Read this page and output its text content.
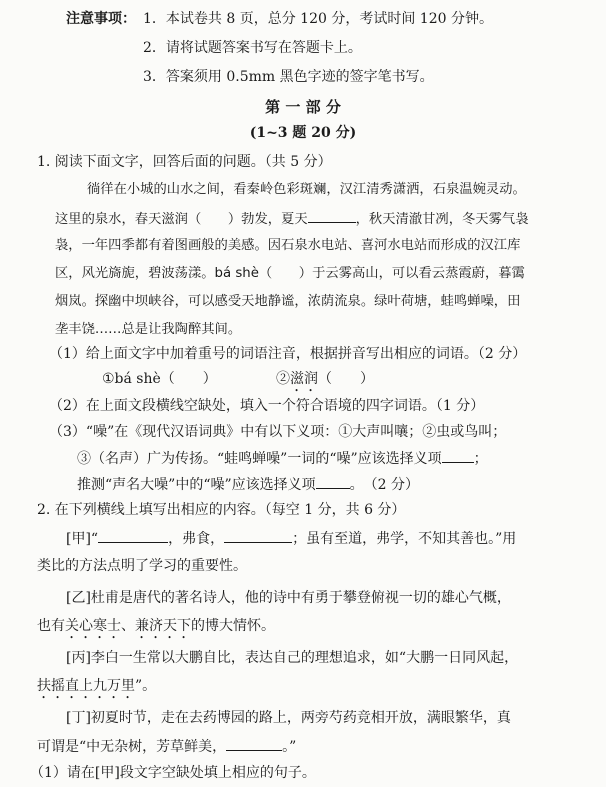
注意事项： 1．本试卷共 8 页，总分 120 分，考试时间 120 分钟。
2．请将试题答案书写在答题卡上。
3．答案须用 0.5mm 黑色字迹的签字笔书写。
第 一 部 分
(1~3 题 20 分)
1. 阅读下面文字，回答后面的问题。（共 5 分）
徜徉在小城的山水之间，看秦岭色彩斑斓，汉江清秀潇洒，石泉温婉灵动。
这里的泉水，春天滋润（　　）勃发，夏天	，秋天清澈甘冽，冬天雾气袅
袅，一年四季都有着图画般的美感。因石泉水电站、喜河水电站而形成的汉江库
区，风光旖旎，碧波荡漾。bá shè（　　）于云雾高山，可以看云蒸霞蔚，暮霭
烟岚。探幽中坝峡谷，可以感受天地静谧，浓荫流泉。绿叶荷塘，蛙鸣蝉噪，田
垄丰饶……总是让我陶醉其间。
（1）给上面文字中加着重号的词语注音，根据拼音写出相应的词语。（2 分）
①bá shè（　　）	②滋润（　　）
（2）在上面文段横线空缺处，填入一个符合语境的四字词语。（1 分）
（3）“噪”在《现代汉语词典》中有以下义项：①大声叫嚷；②虫或鸟叫；
③（名声）广为传扬。“蛙鸣蝉噪”一词的“噪”应该选择义项 ；
推测“声名大噪”中的“噪”应该选择义项 。　（2 分）
2. 在下列横线上填写出相应的内容。（每空 1 分，共 6 分）
[甲]“	，弗食，	；虽有至道，弗学，不知其善也。”用
类比的方法点明了学习的重要性。
[乙]杜甫是唐代的著名诗人，他的诗中有勇于攀登俯视一切的雄心气概，
也有关心寒士、兼济天下的博大情怀。
[丙]李白一生常以大鹏自比，表达自己的理想追求，如“大鹏一日同风起，
扶摇直上九万里”。
[丁]初夏时节，走在去药博园的路上，两旁芍药竞相开放，满眼繁华，真
可谓是“中无杂树，芳草鲜美，	。”
（1）请在[甲]段文字空缺处填上相应的句子。
